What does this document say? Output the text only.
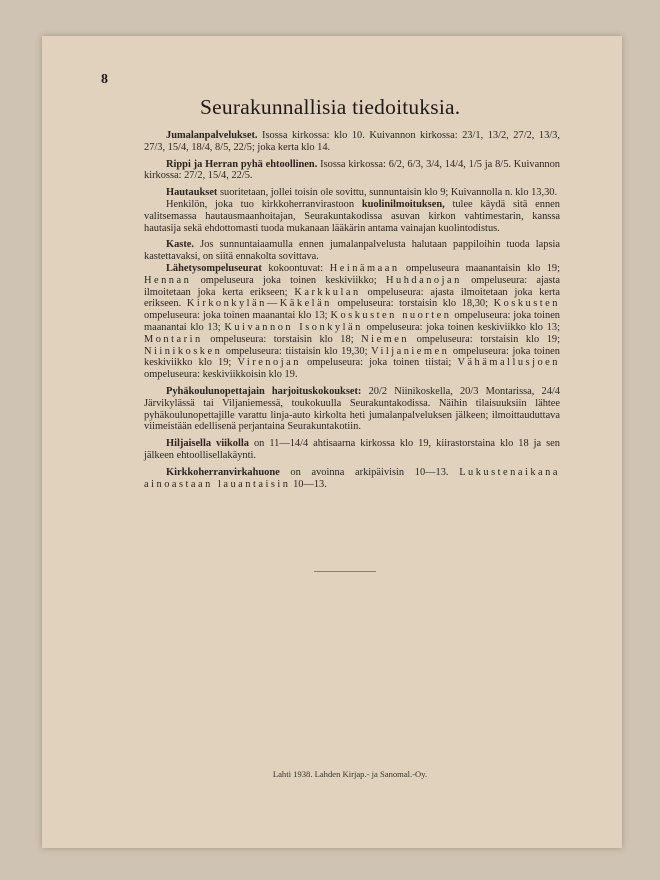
8
Seurakunnallisia tiedoituksia.

Jumalanpalvelukset. Isossa kirkossa: klo 10. Kuivannon kirkossa: 23/1, 13/2, 27/2, 13/3, 27/3, 15/4, 18/4, 8/5, 22/5; joka kerta klo 14.

Rippi ja Herran pyhä ehtoollinen. Isossa kirkossa: 6/2, 6/3, 3/4, 14/4, 1/5 ja 8/5. Kuivannon kirkossa: 27/2, 15/4, 22/5.

Hautaukset suoritetaan, jollei toisin ole sovittu, sunnuntaisin klo 9; Kuivannolla n. klo 13,30.

Henkilön, joka tuo kirkkoherranvirastoon kuolinilmoituksen, tulee käydä sitä ennen valitsemassa hautausmaanhoitajan, Seurakuntakodissa asuvan kirkon vahtimestarin, kanssa hautasija sekä ehdottomasti tuoda mukanaan lääkärin antama vainajan kuolintodistus.

Kaste. Jos sunnuntaiaamulla ennen jumalanpalvelusta halutaan pappiloihin tuoda lapsia kastettavaksi, on siitä ennakolta sovittava.

Lähetysompeluseurat kokoontuvat: Heinämaan ompeluseura maanantaisin klo 19; Hennan ompeluseura joka toinen keskiviikko; Huhdanojan ompeluseura: ajasta ilmoitetaan joka kerta erikseen; Karkkulan ompeluseura: ajasta ilmoitetaan joka kerta erikseen. Kirkonkylän—Käkelän ompeluseura: torstaisin klo 18,30; Koskusten ompeluseura: joka toinen maanantai klo 13; Koskusten nuorten ompeluseura: joka toinen maanantai klo 13; Kuivannon Isonkylän ompeluseura: joka toinen keskiviikko klo 13; Montarin ompeluseura: torstaisin klo 18; Niemen ompeluseura: torstaisin klo 19; Niinikosken ompeluseura: tiistaisin klo 19,30; Viljaniemen ompeluseura: joka toinen keskiviikko klo 19; Virenojan ompeluseura: joka toinen tiistai; Vähämallusjoen ompeluseura: keskiviikkoisin klo 19.

Pyhäkoulunopettajain harjoituskokoukset: 20/2 Niinikoskella, 20/3 Montarissa, 24/4 Järvikylässä tai Viljaniemessä, toukokuulla Seurakuntakodissa. Näihin tilaisuuksiin lähtee pyhäkoulunopettajille varattu linja-auto kirkolta heti jumalanpalveluksen jälkeen; ilmoittauduttava viimeistään edellisenä perjantaina Seurakuntakotiin.

Hiljaisella viikolla on 11—14/4 ahtisaarna kirkossa klo 19, kiirastorstaina klo 18 ja sen jälkeen ehtoollisellakäynti.

Kirkkoherranvirkahuone on avoinna arkipäivisin 10—13. Lukustenaikana ainoastaan lauantaisin 10—13.

Lahti 1938. Lahden Kirjap.- ja Sanomal.-Oy.
